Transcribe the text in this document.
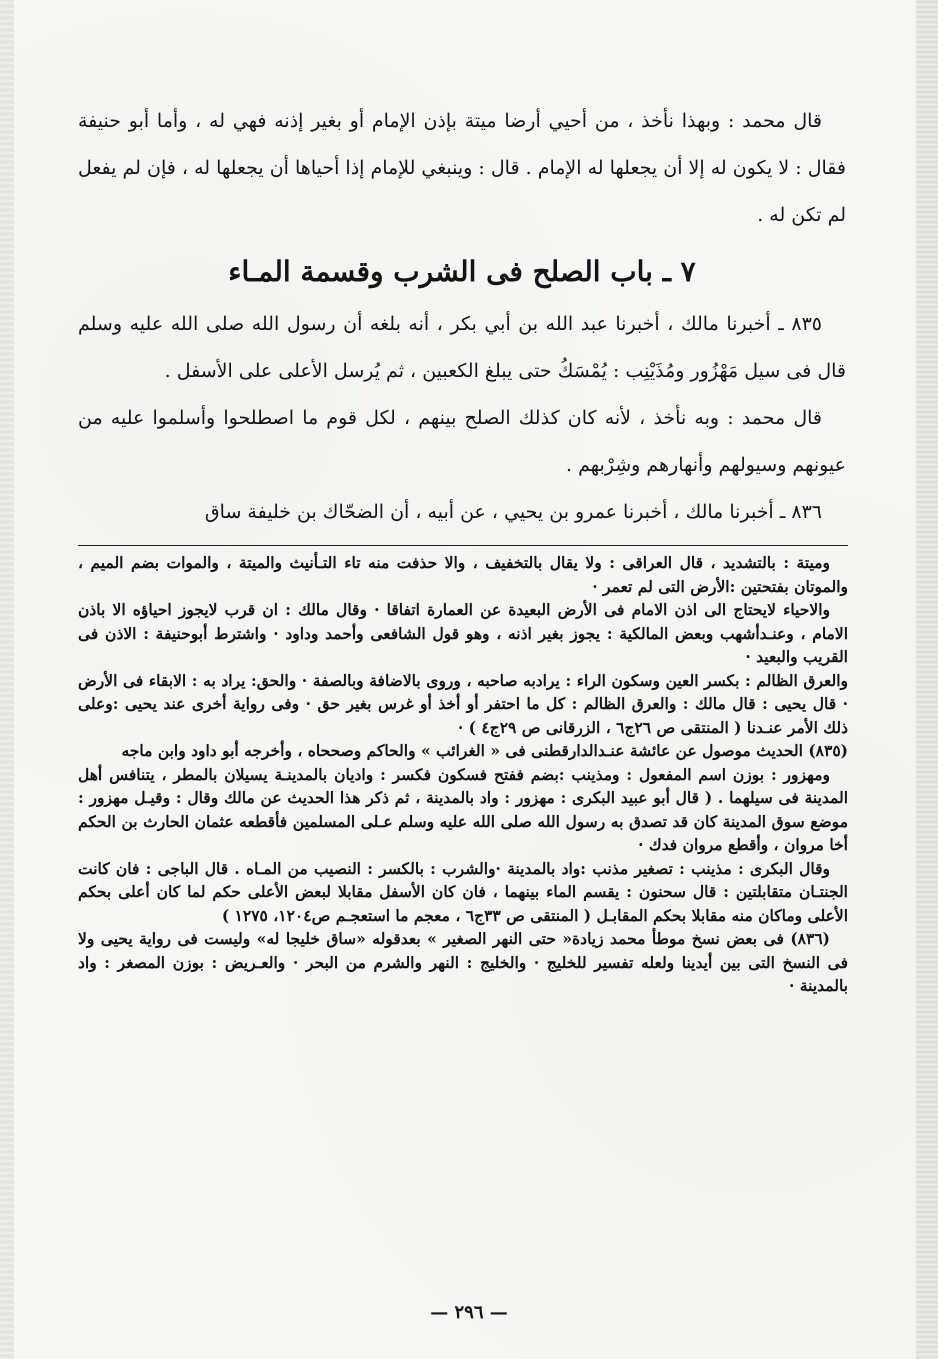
قال محمد : وبهذا نأخذ ، من أحيي أرضا ميتة بإذن الإمام أو بغير إذنه فهي له ، وأما أبو حنيفة فقال : لا يكون له إلا أن يجعلها له الإمام . قال : وينبغي للإمام إذا أحياها أن يجعلها له ، فإن لم يفعل لم تكن له .

٧ ـ باب الصلح فى الشرب وقسمة المـاء

٨٣٥ ـ أخبرنا مالك ، أخبرنا عبد الله بن أبي بكر ، أنه بلغه أن رسول الله صلى الله عليه وسلم قال فى سيل مَهْزُور ومُذَيْنِب : يُمْسَكُ حتى يبلغ الكعبين ، ثم يُرسل الأعلى على الأسفل .

قال محمد : وبه نأخذ ، لأنه كان كذلك الصلح بينهم ، لكل قوم ما اصطلحوا وأسلموا عليه من عيونهم وسيولهم وأنهارهم وشِرْبهم .

٨٣٦ ـ أخبرنا مالك ، أخبرنا عمرو بن يحيي ، عن أبيه ، أن الضحّاك بن خليفة ساق

وميتة : بالتشديد ، قال العراقى : ولا يقال بالتخفيف ، والا حذفت منه تاء التـأنيث والميتة ، والموات بضم الميم ، والموتان بفتحتين :الأرض التى لم تعمر ·

والاحياء لايحتاج الى اذن الامام فى الأرض البعيدة عن العمارة اتفاقا · وقال مالك : ان قرب لايجوز احياؤه الا باذن الامام ، وعنـدأشهب وبعض المالكية : يجوز بغير اذنه ، وهو قول الشافعى وأحمد وداود · واشترط أبوحنيفة : الاذن فى القريب والبعيد ·

والعرق الظالم : بكسر العين وسكون الراء : يرادبه صاحبه ، وروى بالاضافة وبالصفة · والحق: يراد به : الابقاء فى الأرض · قال يحيى : قال مالك : والعرق الظالم : كل ما احتفر أو أخذ أو غرس بغير حق · وفى رواية أخرى عند يحيى :وعلى ذلك الأمر عنـدنا ( المنتقى ص ٢٦ج٦ ، الزرقانى ص ٢٩ج٤ ) ·

(٨٣٥) الحديث موصول عن عائشة عنـدالدارقطنى فى « الغرائب » والحاكم وصححاه ، وأخرجه أبو داود وابن ماجه

ومهزور : بوزن اسم المفعول : ومذينب :بضم ففتح فسكون فكسر : واديان بالمدينـة يسيلان بالمطر ، يتنافس أهل المدينة فى سيلهما . ( قال أبو عبيد البكرى : مهزور : واد بالمدينة ، ثم ذكر هذا الحديث عن مالك وقال : وقيـل مهزور : موضع سوق المدينة كان قد تصدق به رسول الله صلى الله عليه وسلم عـلى المسلمين فأقطعه عثمان الحارث بن الحكم أخا مروان ، وأقطع مروان فدك ·

وقال البكرى : مذينب : تصغير مذنب :واد بالمدينة ·والشرب : بالكسر : النصيب من المـاه . قال الباجى : فان كانت الجنتـان متقابلتين : قال سحنون : يقسم الماء بينهما ، فان كان الأسفل مقابلا لبعض الأعلى حكم لما كان أعلى بحكم الأعلى وماكان منه مقابلا بحكم المقابـل ( المنتقى ص ٣٣ج٦ ، معجم ما استعجـم ص١٢٠٤، ١٢٧٥ )

(٨٣٦) فى بعض نسخ موطأ محمد زيادة« حتى النهر الصغير » بعدقوله «ساق خليجا له» وليست فى رواية يحيى ولا فى النسخ التى بين أيدينا ولعله تفسير للخليج · والخليج : النهر والشرم من البحر · والعـريض : بوزن المصغر : واد بالمدينة ·

— ٢٩٦ —
